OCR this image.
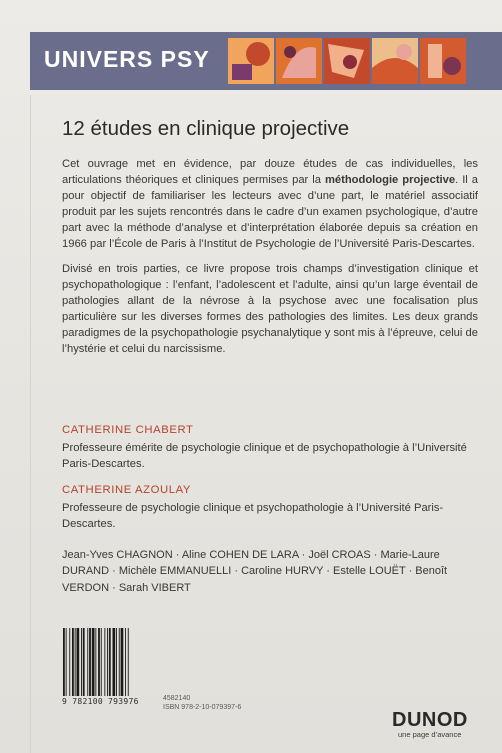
UNIVERS PSY
12 études en clinique projective

Cet ouvrage met en évidence, par douze études de cas individuelles, les articulations théoriques et cliniques permises par la méthodologie projective. Il a pour objectif de familiariser les lecteurs avec d’une part, le matériel associatif produit par les sujets rencontrés dans le cadre d’un examen psychologique, d’autre part avec la méthode d’analyse et d’interprétation élaborée depuis sa création en 1966 par l’École de Paris à l’Institut de Psychologie de l’Université Paris-Descartes.

Divisé en trois parties, ce livre propose trois champs d’investigation clinique et psychopathologique : l’enfant, l’adolescent et l’adulte, ainsi qu’un large éventail de pathologies allant de la névrose à la psychose avec une focalisation plus particulière sur les diverses formes des pathologies des limites. Les deux grands paradigmes de la psychopathologie psychanalytique y sont mis à l’épreuve, celui de l’hystérie et celui du narcissisme.

CATHERINE CHABERT

Professeure émérite de psychologie clinique et de psychopathologie à l’Université Paris-Descartes.

CATHERINE AZOULAY

Professeure de psychologie clinique et psychopathologie à l’Université Paris-Descartes.

Jean-Yves CHAGNON · Aline COHEN DE LARA · Joël CROAS · Marie-Laure DURAND · Michèle EMMANUELLI · Caroline HURVY · Estelle LOUËT · Benoît VERDON · Sarah VIBERT
9 782100 793976	4582140
ISBN 978-2-10-079397-6
DUNOD
une page d’avance
